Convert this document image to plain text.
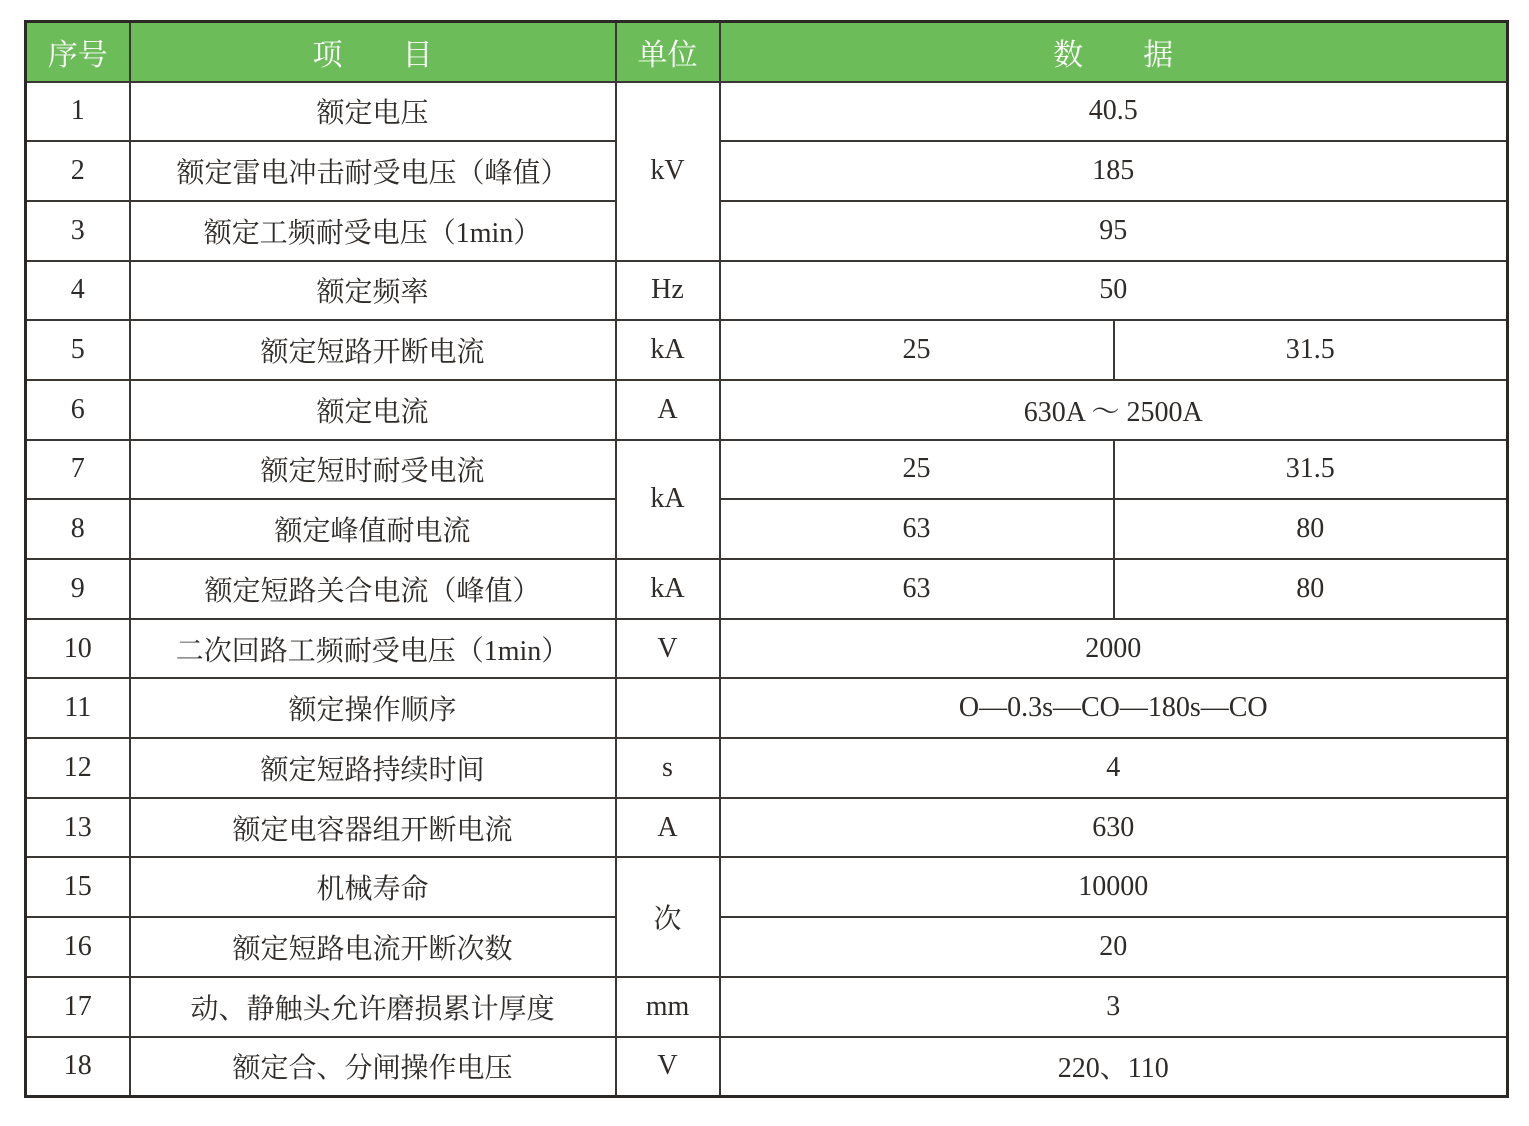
序号	项　　目	单位	数　　据	
1	额定电压	kV	40.5	
2	额定雷电冲击耐受电压（峰值）		185	
3	额定工频耐受电压（1min）		95	
4	额定频率	Hz	50	
5	额定短路开断电流	kA	25	31.5
6	额定电流	A	630A ～ 2500A	
7	额定短时耐受电流	kA	25	31.5
8	额定峰值耐电流		63	80
9	额定短路关合电流（峰值）	kA	63	80
10	二次回路工频耐受电压（1min）	V	2000	
11	额定操作顺序		O—0.3s—CO—180s—CO	
12	额定短路持续时间	s	4	
13	额定电容器组开断电流	A	630	
15	机械寿命	次	10000	
16	额定短路电流开断次数		20	
17	动、静触头允许磨损累计厚度	mm	3	
18	额定合、分闸操作电压	V	220、110	
